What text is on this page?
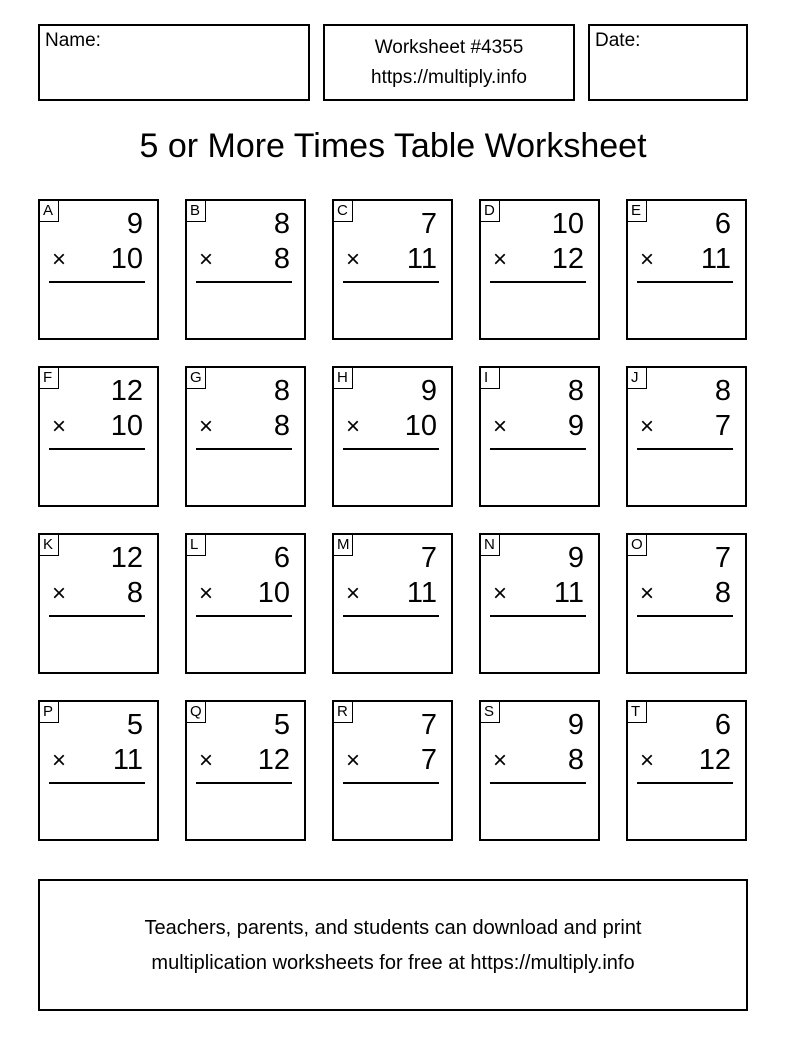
Name:	Worksheet #4355
https://multiply.info
Date:
5 or More Times Table Worksheet
A	9
× 10
B	8
× 8
C	7
× 11
D 10
× 12
E	6
× 11
F 12
× 10
G 8
× 8
H	9
× 10
I	8
× 9
J	8
× 7
K 12
× 8
L	6
× 10
M 7
× 11
N	9
× 11
O 7
× 8
P	5
× 11
Q 5
× 12
R	7
× 7
S	9
× 8
T	6
× 12
Teachers, parents, and students can download and print
multiplication worksheets for free at https://multiply.info
